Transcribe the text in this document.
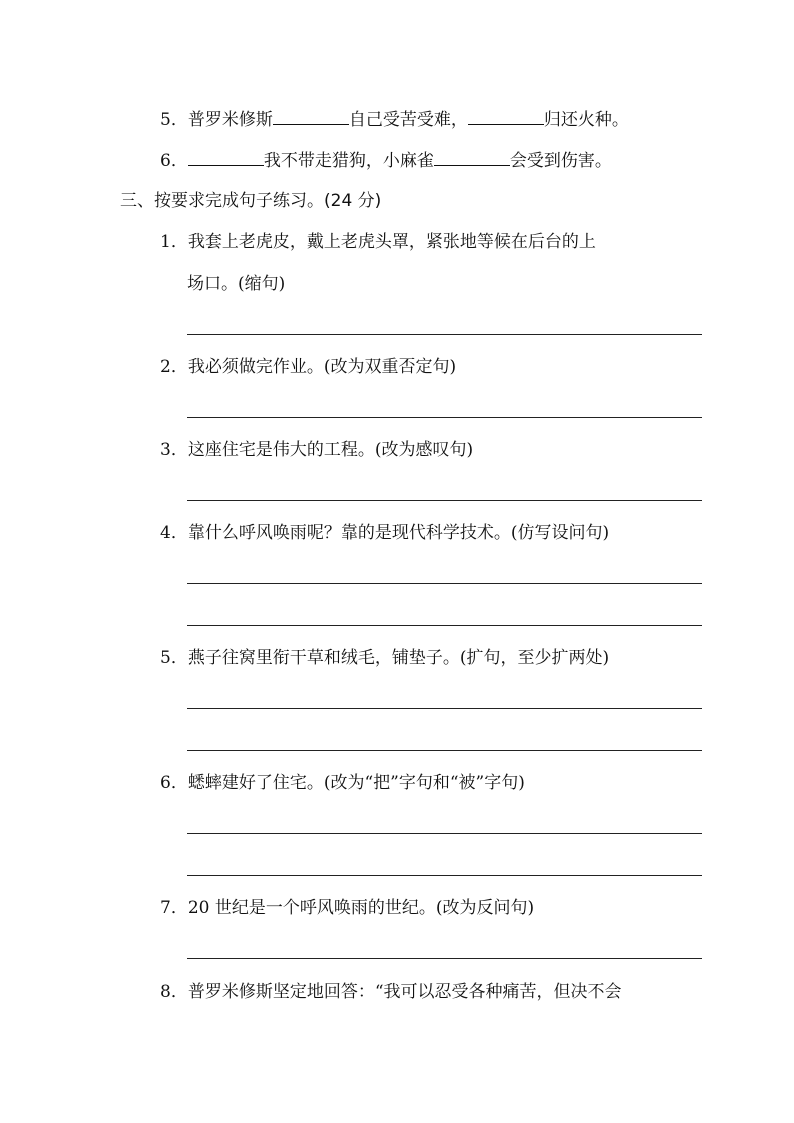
5．普罗米修斯	自己受苦受难，	归还火种。
6．	我不带走猎狗，小麻雀	会受到伤害。
三、按要求完成句子练习。(24 分)
1．我套上老虎皮，戴上老虎头罩，紧张地等候在后台的上
场口。(缩句)
2．我必须做完作业。(改为双重否定句)
3．这座住宅是伟大的工程。(改为感叹句)
4．靠什么呼风唤雨呢？靠的是现代科学技术。(仿写设问句)
5．燕子往窝里衔干草和绒毛，铺垫子。(扩句，至少扩两处)
6．蟋蟀建好了住宅。(改为“把”字句和“被”字句)
7．20 世纪是一个呼风唤雨的世纪。(改为反问句)
8．普罗米修斯坚定地回答：“我可以忍受各种痛苦，但决不会
